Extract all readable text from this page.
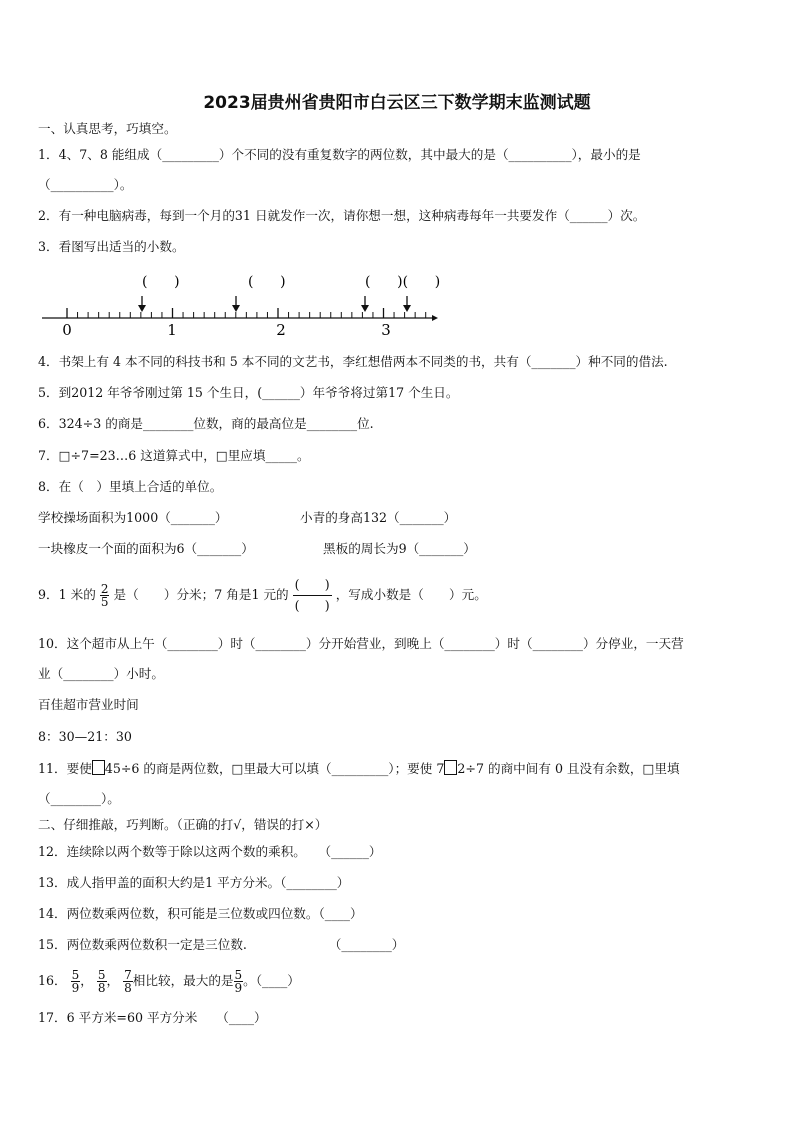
2023届贵州省贵阳市白云区三下数学期末监测试题
一、认真思考，巧填空。
1．4、7、8 能组成（_________）个不同的没有重复数字的两位数，其中最大的是（__________），最小的是
（__________）。
2．有一种电脑病毒，每到一个月的31 日就发作一次，请你想一想，这种病毒每年一共要发作（______）次。
3．看图写出适当的小数。
0	1	2	3
(      )	(      )	(      )(      )
4．书架上有 4 本不同的科技书和 5 本不同的文艺书，李红想借两本不同类的书，共有（_______）种不同的借法.
5．到2012 年爷爷刚过第 15 个生日，(______）年爷爷将过第17 个生日。
6．324÷3 的商是________位数，商的最高位是________位.
7．□÷7=23…6 这道算式中，□里应填_____。
8．在（　）里填上合适的单位。
学校操场面积为1000（_______）	小青的身高132（_______）
一块橡皮一个面的面积为6（_______）	黑板的周长为9（_______）
9．1 米的 $\frac{2}{5}$ 是（　　）分米；7 角是1 元的 $\frac{( )}{( )}$ ，写成小数是（　　）元。
10．这个超市从上午（________）时（________）分开始营业，到晚上（________）时（________）分停业，一天营
业（________）小时。
百佳超市营业时间
8：30—21：30
11．要使 45÷6 的商是两位数，□里最大可以填（_________）；要使 7 2÷7 的商中间有 0 且没有余数，□里填
（________）。
二、仔细推敲，巧判断。（正确的打√，错误的打×）
12．连续除以两个数等于除以这两个数的乘积。　　（______）
13．成人指甲盖的面积大约是1 平方分米。（________）
14．两位数乘两位数，积可能是三位数或四位数。（____）
15．两位数乘两位数积一定是三位数.　　　　　　　（________）
16． $\frac{5}{9}$ ， $\frac{5}{8}$ ， $\frac{7}{8}$ 相比较，最大的是 $\frac{5}{9}$ 。（____）
17．6 平方米=60 平方分米　　（____）
